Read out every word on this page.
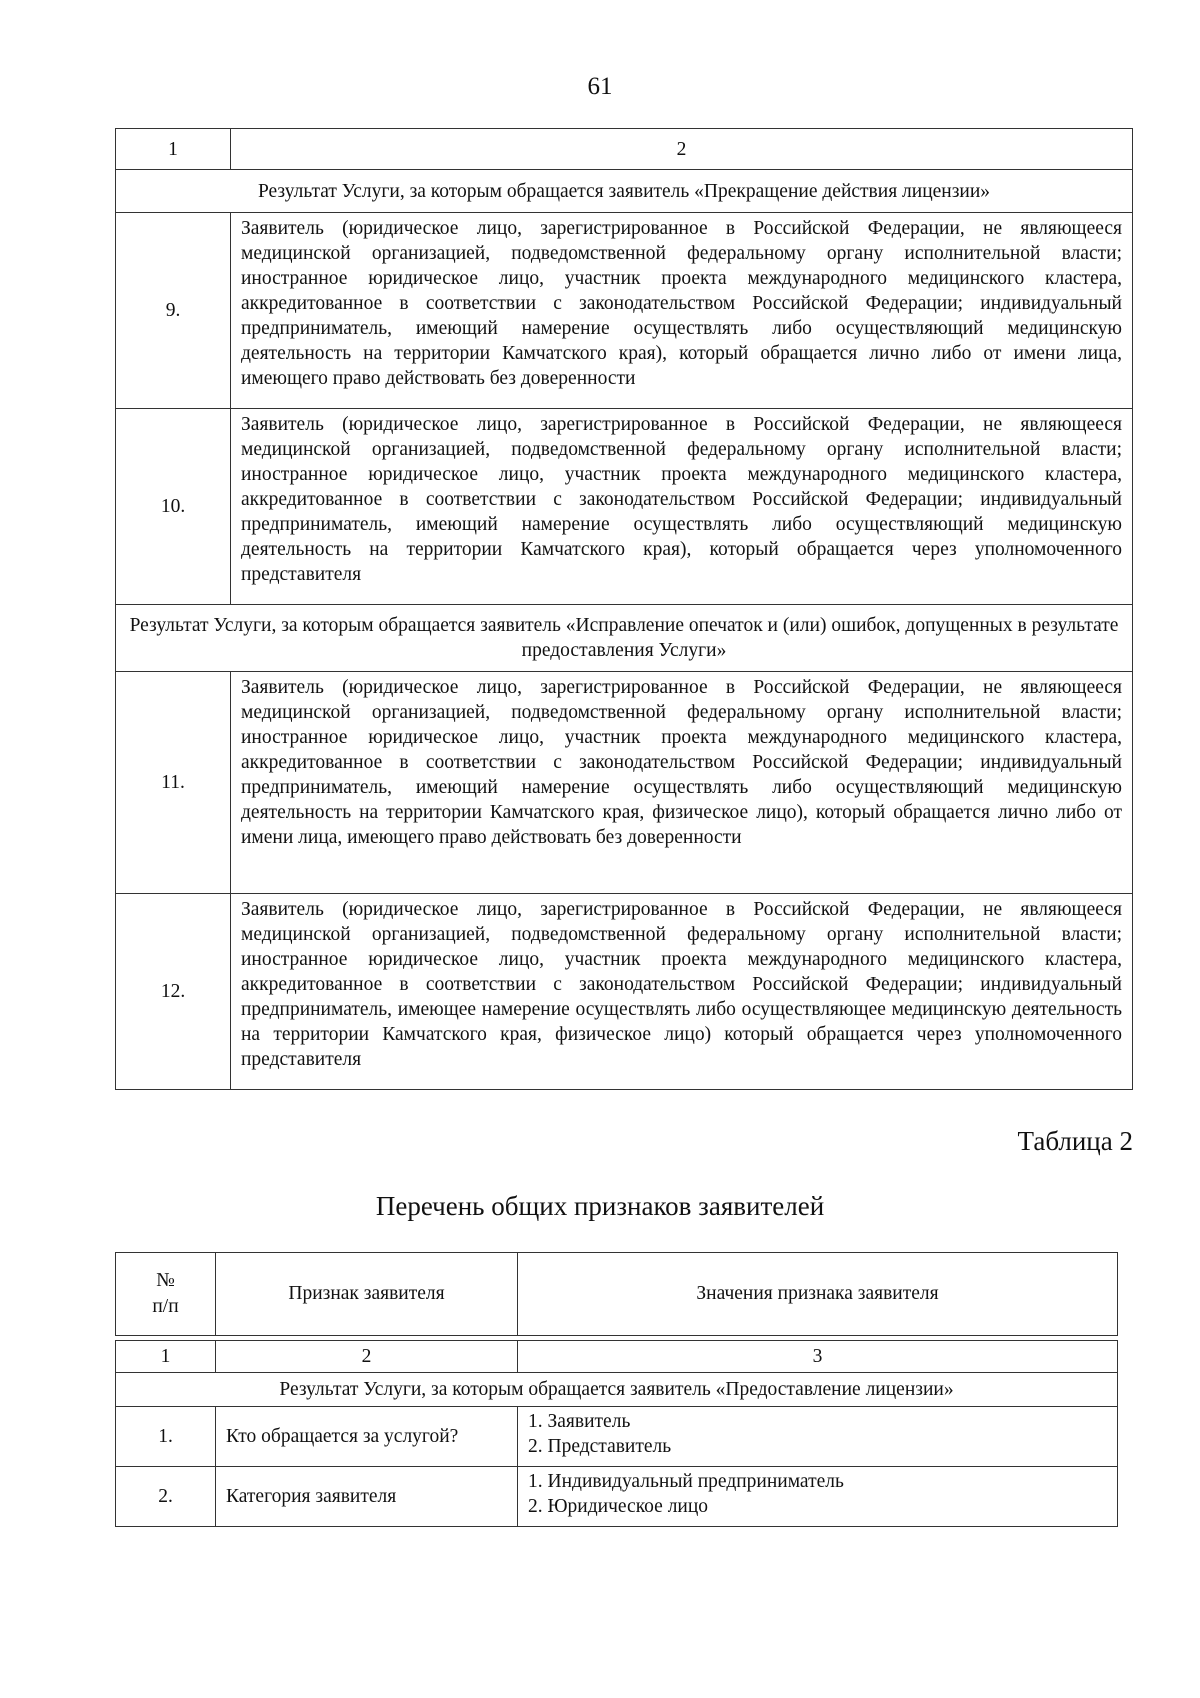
61
1	2
Результат Услуги, за которым обращается заявитель «Прекращение действия лицензии»	
9.	Заявитель (юридическое лицо, зарегистрированное в Российской Федерации, не являющееся медицинской организацией, подведомственной федеральному органу исполнительной власти; иностранное юридическое лицо, участник проекта международного медицинского кластера, аккредитованное в соответствии с законодательством Российской Федерации; индивидуальный предприниматель, имеющий намерение осуществлять либо осуществляющий медицинскую деятельность на территории Камчатского края), который обращается лично либо от имени лица, имеющего право действовать без доверенности
10.	Заявитель (юридическое лицо, зарегистрированное в Российской Федерации, не являющееся медицинской организацией, подведомственной федеральному органу исполнительной власти; иностранное юридическое лицо, участник проекта международного медицинского кластера, аккредитованное в соответствии с законодательством Российской Федерации; индивидуальный предприниматель, имеющий намерение осуществлять либо осуществляющий медицинскую деятельность на территории Камчатского края), который обращается через уполномоченного представителя
Результат Услуги, за которым обращается заявитель «Исправление опечаток и (или) ошибок, допущенных в результате предоставления Услуги»	
11.	Заявитель (юридическое лицо, зарегистрированное в Российской Федерации, не являющееся медицинской организацией, подведомственной федеральному органу исполнительной власти; иностранное юридическое лицо, участник проекта международного медицинского кластера, аккредитованное в соответствии с законодательством Российской Федерации; индивидуальный предприниматель, имеющий намерение осуществлять либо осуществляющий медицинскую деятельность на территории Камчатского края, физическое лицо), который обращается лично либо от имени лица, имеющего право действовать без доверенности
12.	Заявитель (юридическое лицо, зарегистрированное в Российской Федерации, не являющееся медицинской организацией, подведомственной федеральному органу исполнительной власти; иностранное юридическое лицо, участник проекта международного медицинского кластера, аккредитованное в соответствии с законодательством Российской Федерации; индивидуальный предприниматель, имеющее намерение осуществлять либо осуществляющее медицинскую деятельность на территории Камчатского края, физическое лицо) который обращается через уполномоченного представителя
Таблица 2
Перечень общих признаков заявителей
№
п/п
	Признак заявителя	Значения признака заявителя
1	2	3
Результат Услуги, за которым обращается заявитель «Предоставление лицензии»		
1.	Кто обращается за услугой?	1. Заявитель
2. Представитель

2.	Категория заявителя	1. Индивидуальный предприниматель
2. Юридическое лицо
